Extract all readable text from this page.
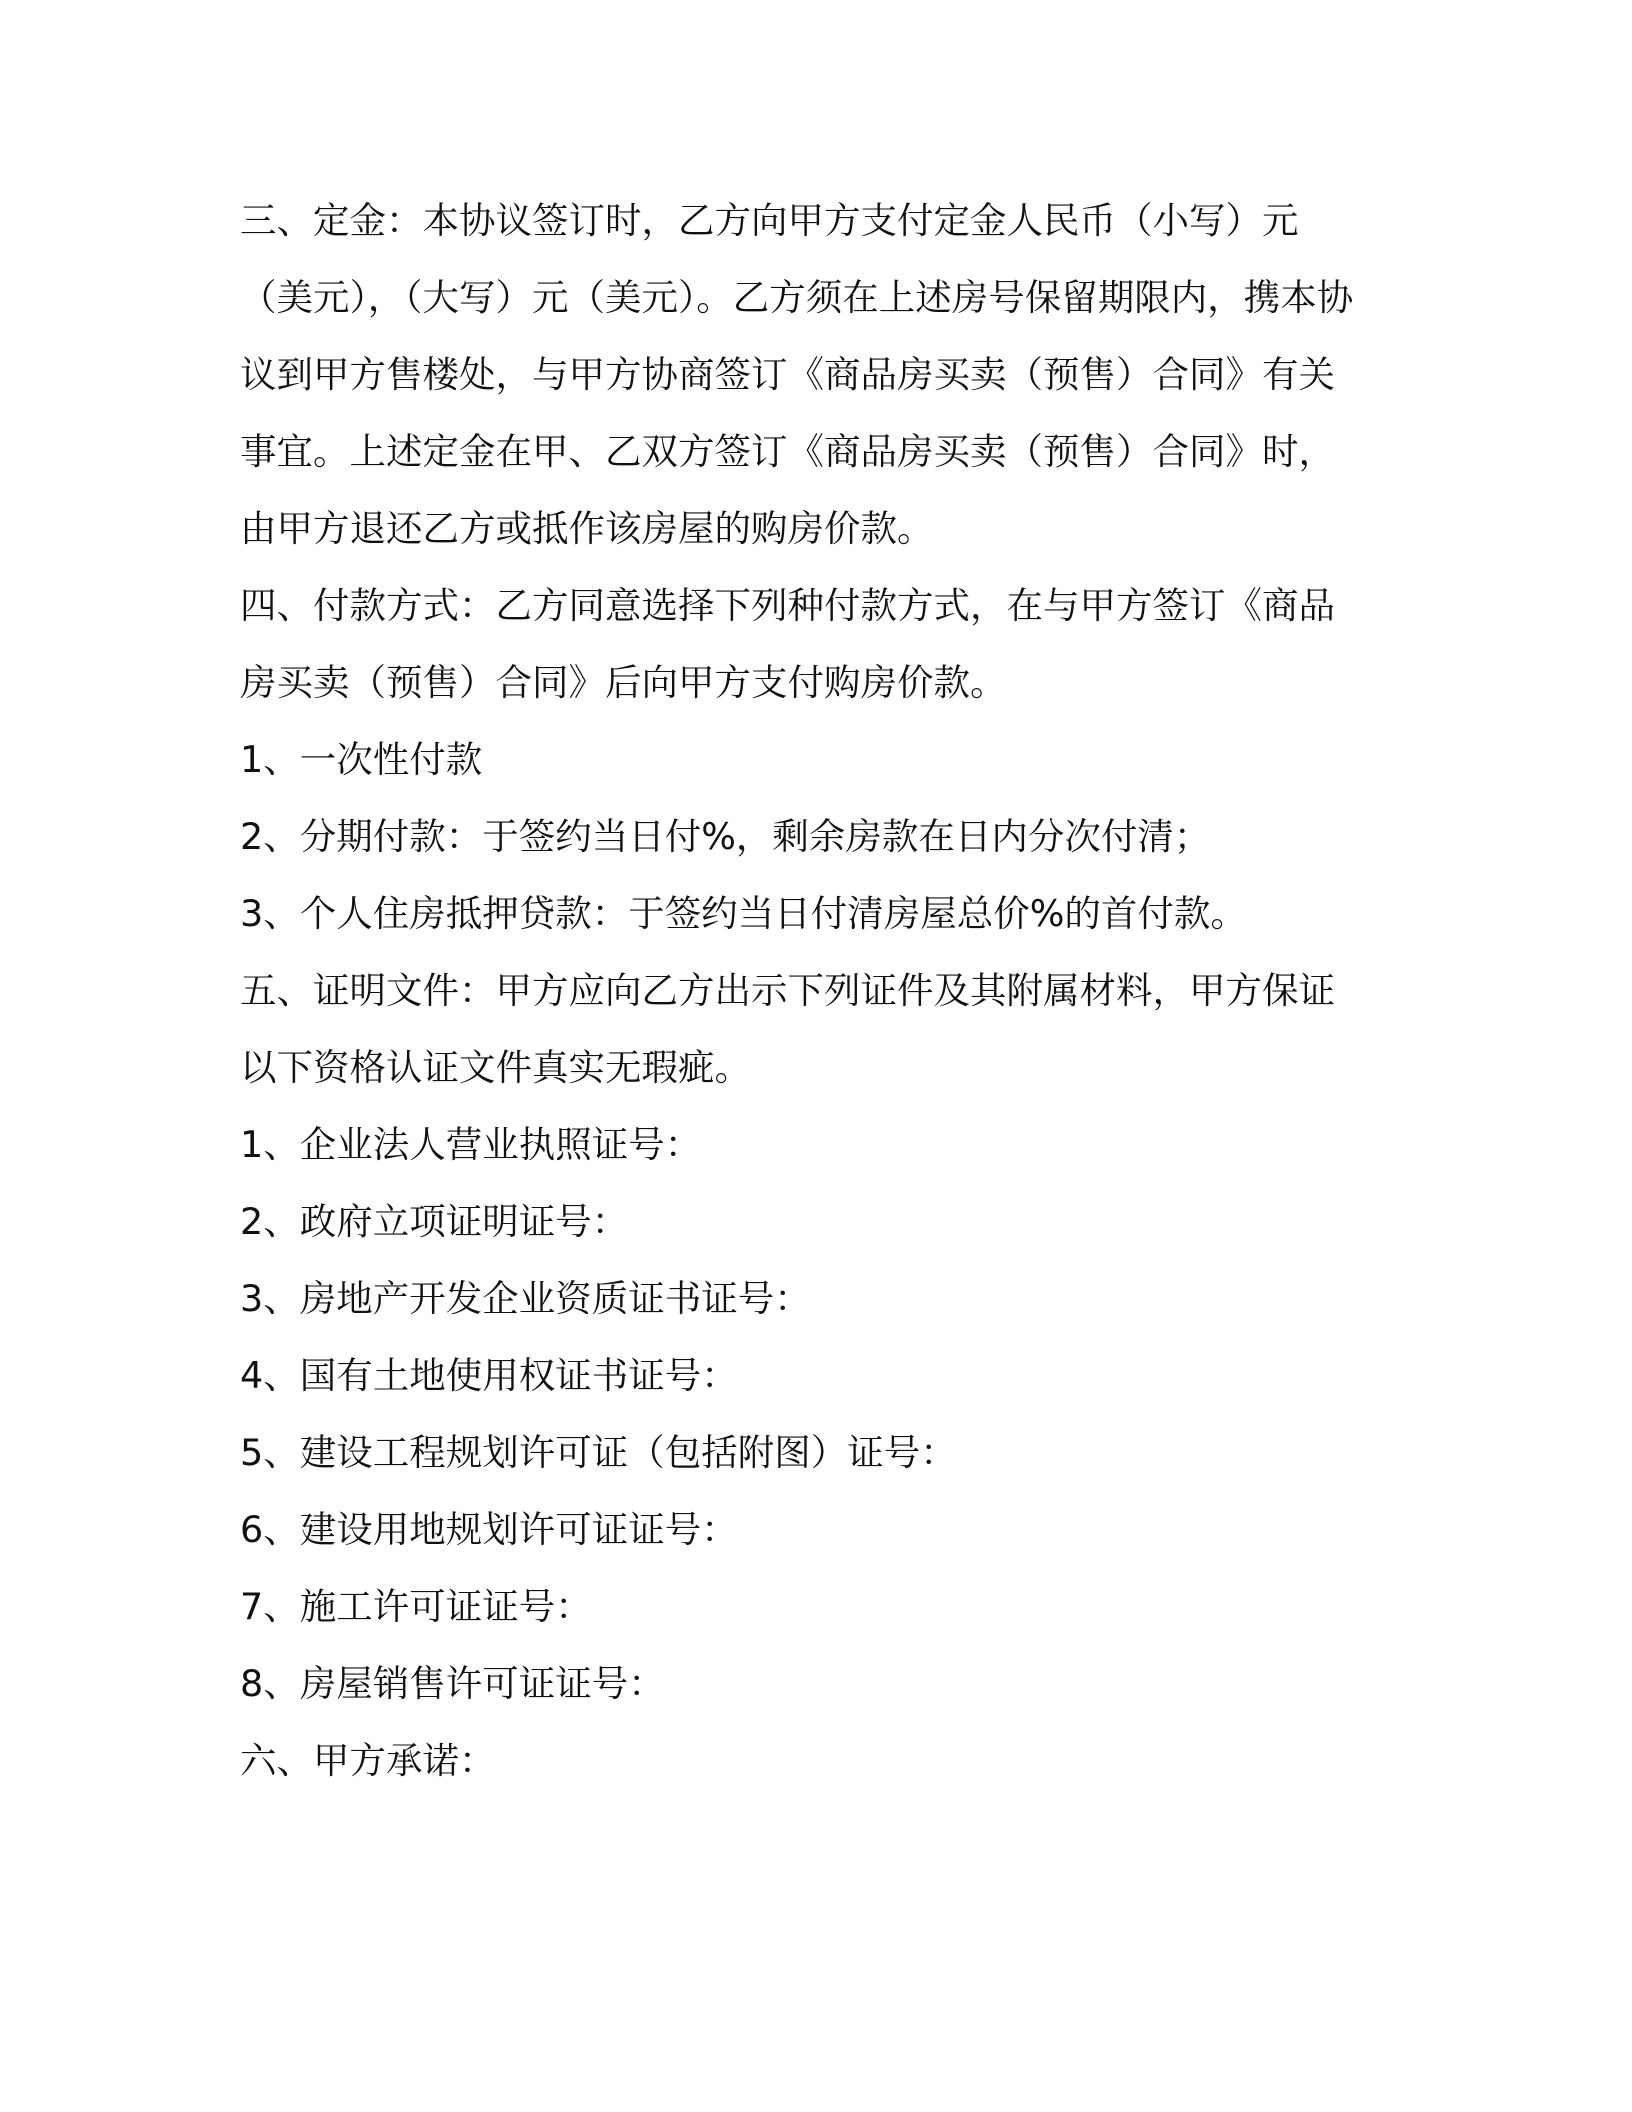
三、定金：本协议签订时，乙方向甲方支付定金人民币（小写）元（美元），（大写）元（美元）。乙方须在上述房号保留期限内，携本协议到甲方售楼处，与甲方协商签订《商品房买卖（预售）合同》有关事宜。上述定金在甲、乙双方签订《商品房买卖（预售）合同》时，由甲方退还乙方或抵作该房屋的购房价款。

四、付款方式：乙方同意选择下列种付款方式，在与甲方签订《商品房买卖（预售）合同》后向甲方支付购房价款。

1、一次性付款

2、分期付款：于签约当日付%，剩余房款在日内分次付清；

3、个人住房抵押贷款：于签约当日付清房屋总价%的首付款。

五、证明文件：甲方应向乙方出示下列证件及其附属材料，甲方保证以下资格认证文件真实无瑕疵。

1、企业法人营业执照证号：

2、政府立项证明证号：

3、房地产开发企业资质证书证号：

4、国有土地使用权证书证号：

5、建设工程规划许可证（包括附图）证号：

6、建设用地规划许可证证号：

7、施工许可证证号：

8、房屋销售许可证证号：

六、甲方承诺：
